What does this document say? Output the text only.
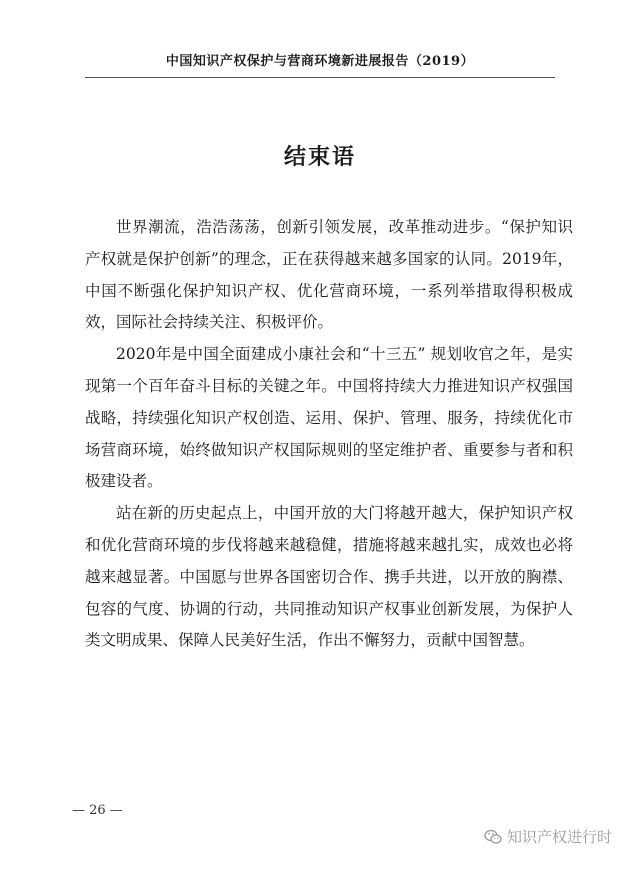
中国知识产权保护与营商环境新进展报告（2019）
结束语

世界潮流，浩浩荡荡，创新引领发展，改革推动进步。“保护知识产权就是保护创新”的理念，正在获得越来越多国家的认同。2019年，中国不断强化保护知识产权、优化营商环境，一系列举措取得积极成效，国际社会持续关注、积极评价。

2020年是中国全面建成小康社会和“十三五” 规划收官之年，是实现第一个百年奋斗目标的关键之年。中国将持续大力推进知识产权强国战略，持续强化知识产权创造、运用、保护、管理、服务，持续优化市场营商环境，始终做知识产权国际规则的坚定维护者、重要参与者和积极建设者。

站在新的历史起点上，中国开放的大门将越开越大，保护知识产权和优化营商环境的步伐将越来越稳健，措施将越来越扎实，成效也必将越来越显著。中国愿与世界各国密切合作、携手共进，以开放的胸襟、包容的气度、协调的行动，共同推动知识产权事业创新发展，为保护人类文明成果、保障人民美好生活，作出不懈努力，贡献中国智慧。

— 26 —
知识产权进行时
